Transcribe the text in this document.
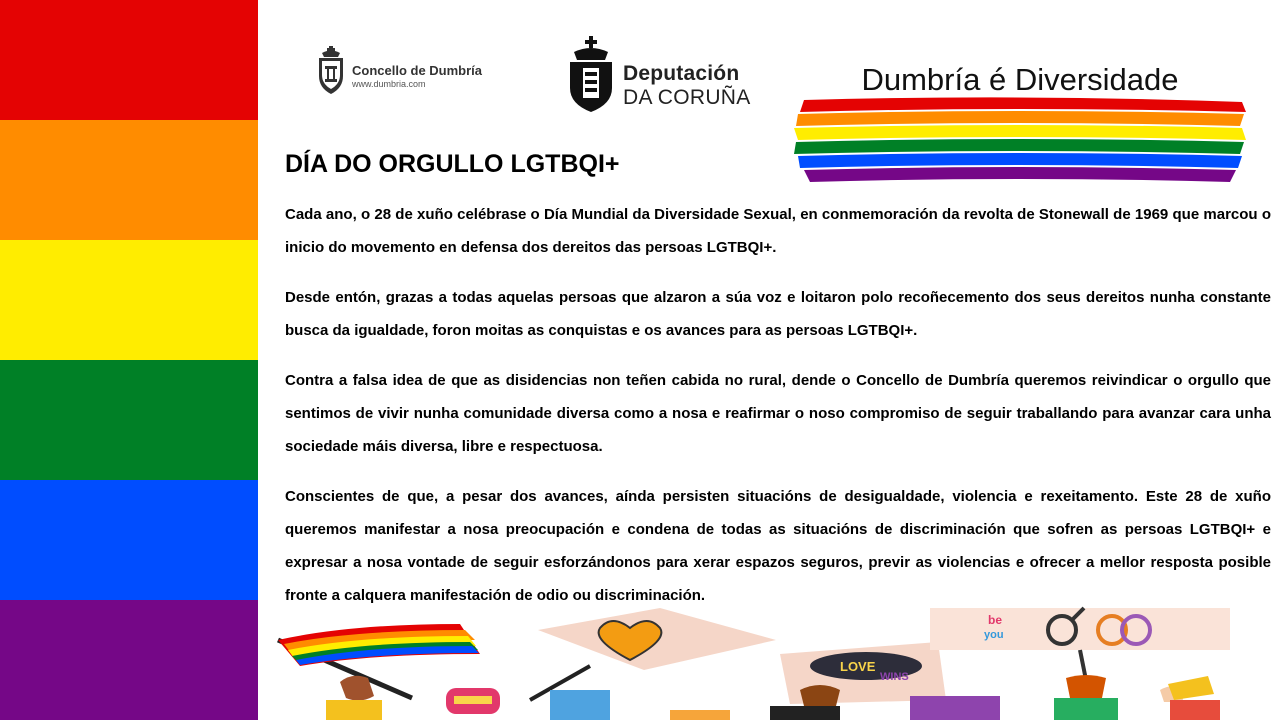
Concello de Dumbría
www.dumbria.com	Deputación
DA CORUÑA
Dumbría é Diversidade
DÍA DO ORGULLO LGTBQI+

Cada ano, o 28 de xuño celébrase o Día Mundial da Diversidade Sexual, en conmemoración da revolta de Stonewall de 1969 que marcou o inicio do movemento en defensa dos dereitos das persoas LGTBQI+.

Desde entón, grazas a todas aquelas persoas que alzaron a súa voz e loitaron polo recoñecemento dos seus dereitos nunha constante busca da igualdade, foron moitas as conquistas e os avances para as persoas LGTBQI+.

Contra a falsa idea de que as disidencias non teñen cabida no rural, dende o Concello de Dumbría queremos reivindicar o orgullo que sentimos de vivir nunha comunidade diversa como a nosa e reafirmar o noso compromiso de seguir traballando para avanzar cara unha sociedade máis diversa, libre e respectuosa.

Conscientes de que, a pesar dos avances, aínda persisten situacións de desigualdade, violencia e rexeitamento. Este 28 de xuño queremos manifestar a nosa preocupación e condena de todas as situacións de discriminación que sofren as persoas LGTBQI+ e expresar a nosa vontade de seguir esforzándonos para xerar espazos seguros, previr as violencias e ofrecer a mellor resposta posible fronte a calquera manifestación de odio ou discriminación.

LOVE
WINS
be
you
